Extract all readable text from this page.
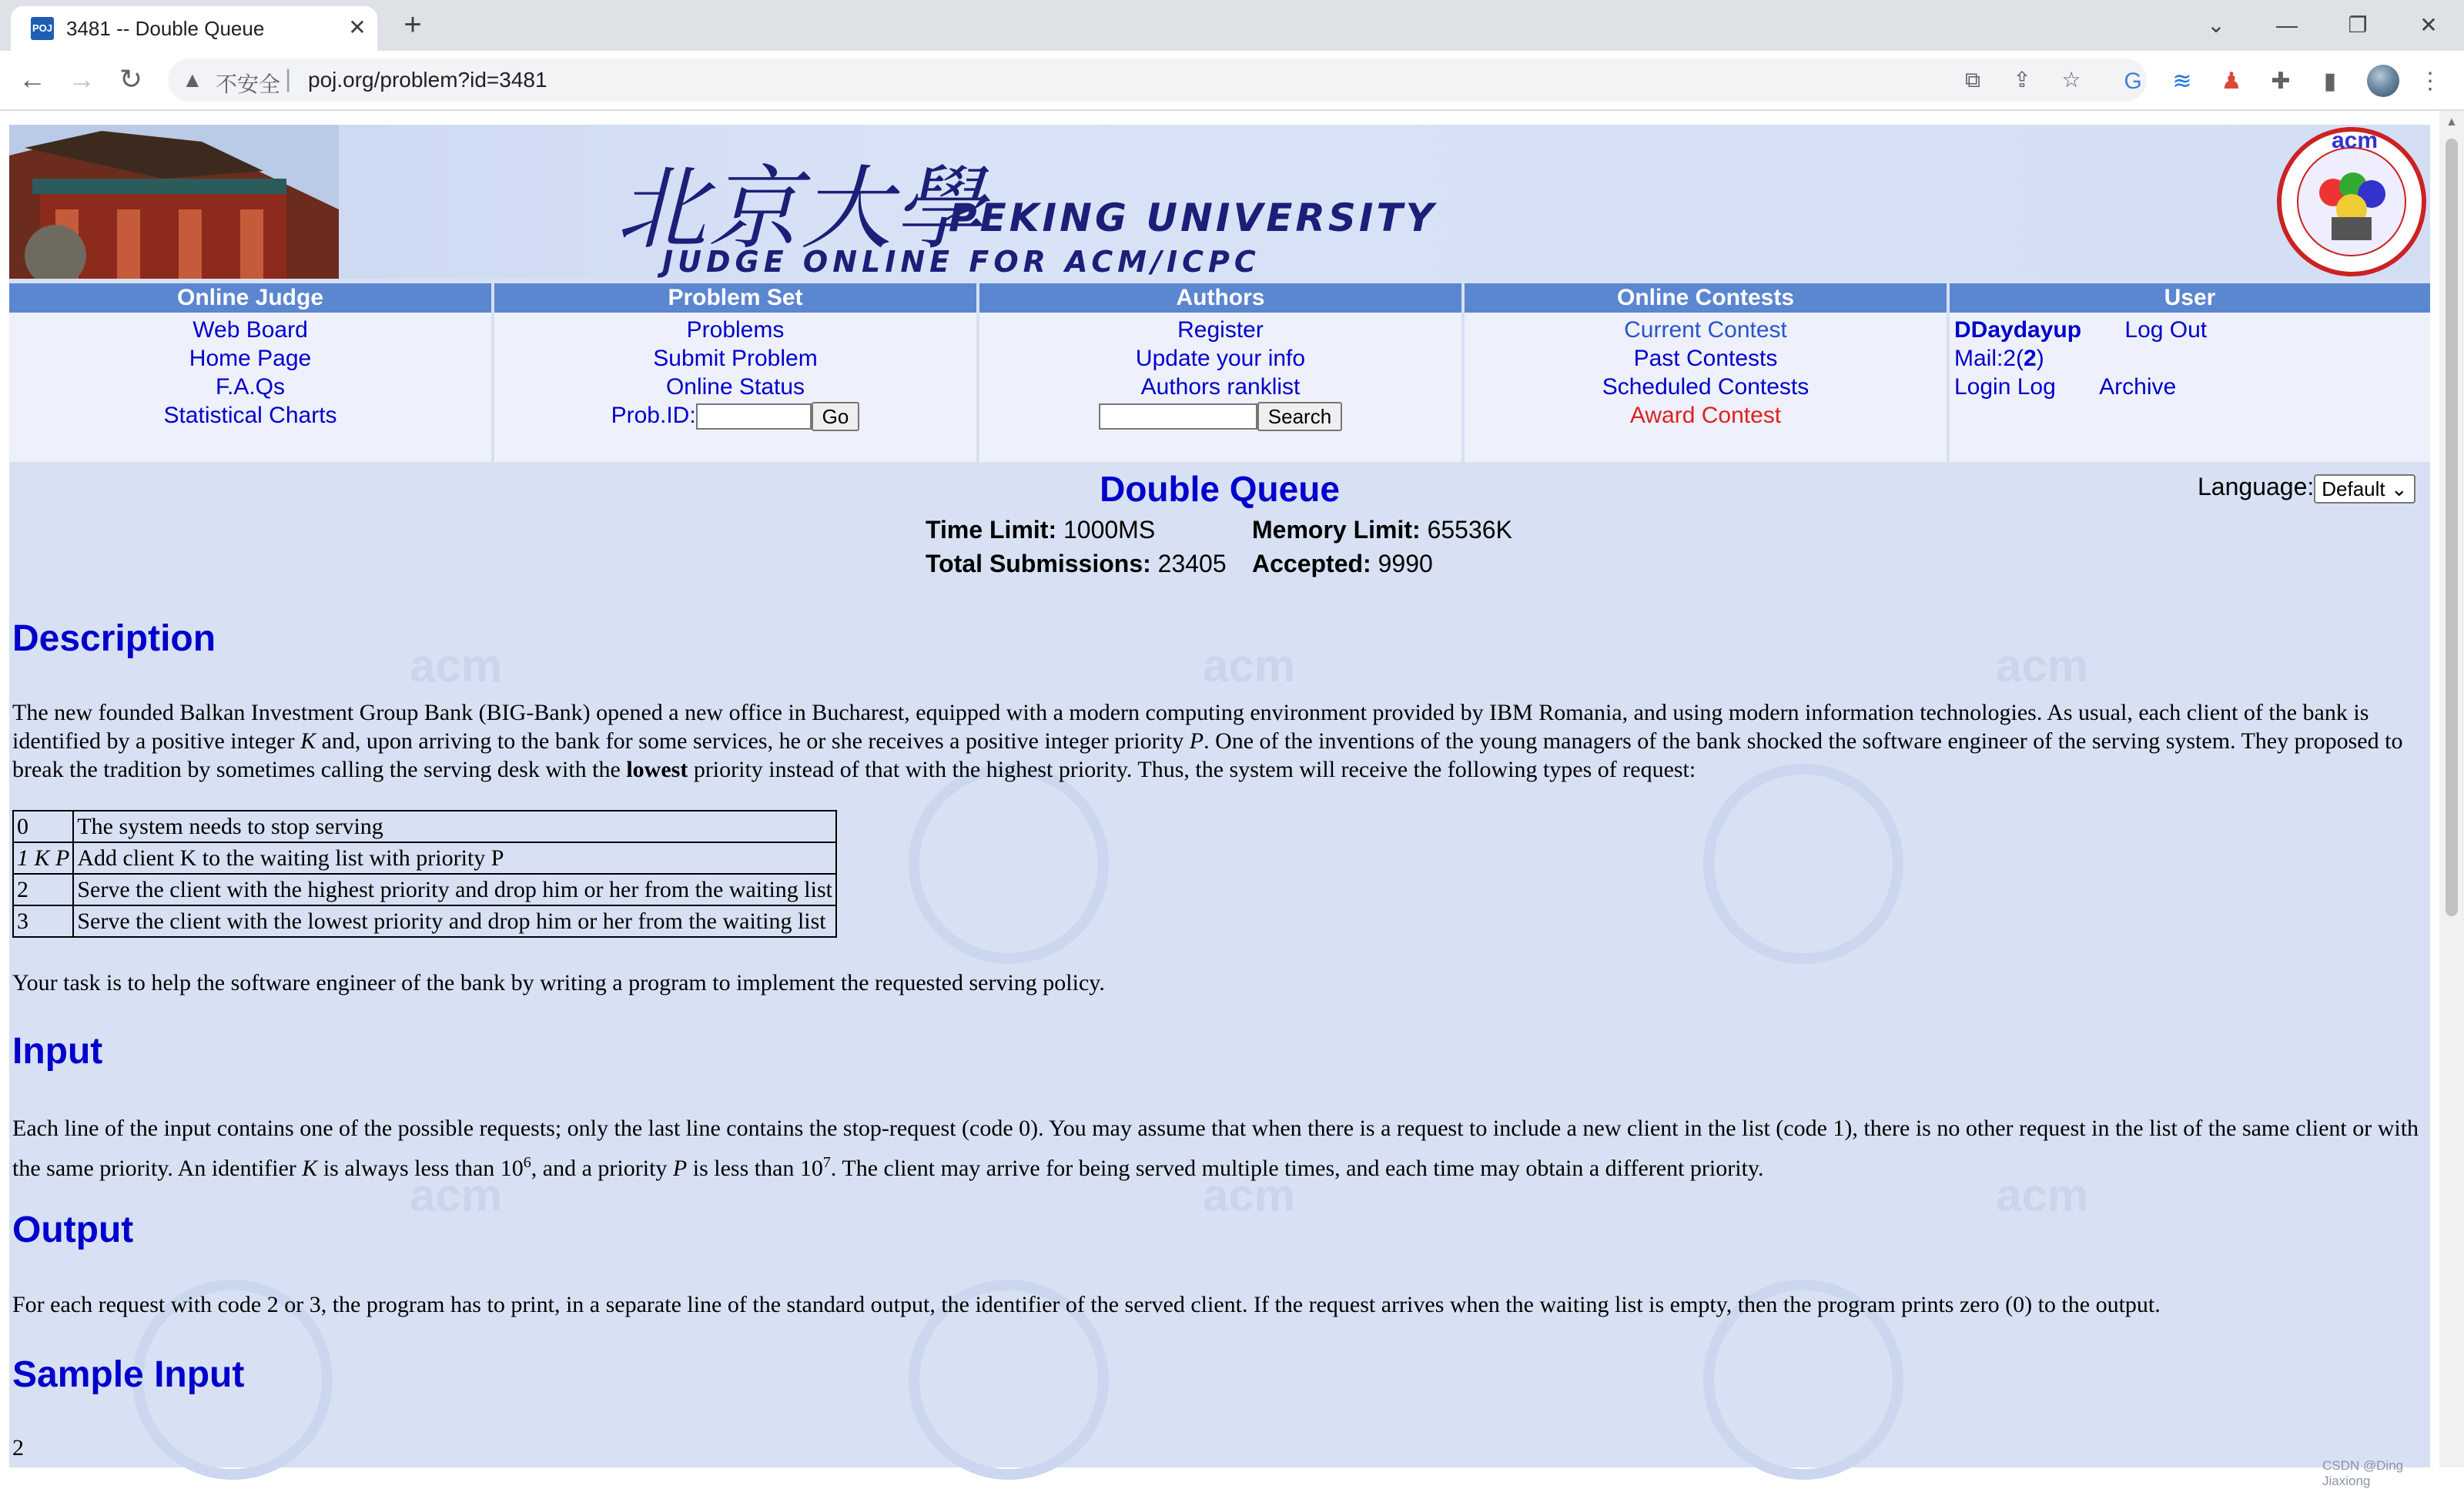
POJ 3481 -- Double Queue	✕ +	⌄	—	❐	✕
← → ↻	▲ 不安全 | poj.org/problem?id=3481	⧉ ⇪ ☆ G ≋ ♟ ✚	▮	⋮
acm	acm	acm
acm	acm	acm
北京大學
PEKING UNIVERSITY
JUDGE ONLINE FOR ACM/ICPC
acm
Online Judge
Web Board
Home Page
F.A.Qs
Statistical Charts
Problem Set
Problems
Submit Problem
Online Status
Prob.ID:	Go
Authors
Register
Update your info
Authors ranklist
Search
Online Contests
Current Contest
Past Contests
Scheduled Contests
Award Contest
User
DDaydayup Log Out
Mail:2(2)
Login Log Archive
Double Queue	Language: Default ⌄
Time Limit: 1000MS	Memory Limit: 65536K
Total Submissions: 23405 Accepted: 9990
Description
The new founded Balkan Investment Group Bank (BIG-Bank) opened a new office in Bucharest, equipped with a modern computing environment provided by IBM Romania, and using modern information technologies. As usual, each client of the bank is identified by a positive integer K and, upon arriving to the bank for some services, he or she receives a positive integer priority P. One of the inventions of the young managers of the bank shocked the software engineer of the serving system. They proposed to break the tradition by sometimes calling the serving desk with the lowest priority instead of that with the highest priority. Thus, the system will receive the following types of request:
0	The system needs to stop serving
1 K P	Add client K to the waiting list with priority P
2	Serve the client with the highest priority and drop him or her from the waiting list
3	Serve the client with the lowest priority and drop him or her from the waiting list
Your task is to help the software engineer of the bank by writing a program to implement the requested serving policy.
Input
Each line of the input contains one of the possible requests; only the last line contains the stop-request (code 0). You may assume that when there is a request to include a new client in the list (code 1), there is no other request in the list of the same client or with the same priority. An identifier K is always less than $10^6$, and a priority P is less than $10^7$. The client may arrive for being served multiple times, and each time may obtain a different priority.
Output
For each request with code 2 or 3, the program has to print, in a separate line of the standard output, the identifier of the served client. If the request arrives when the waiting list is empty, then the program prints zero (0) to the output.
Sample Input
2
CSDN @Ding Jiaxiong
▲
